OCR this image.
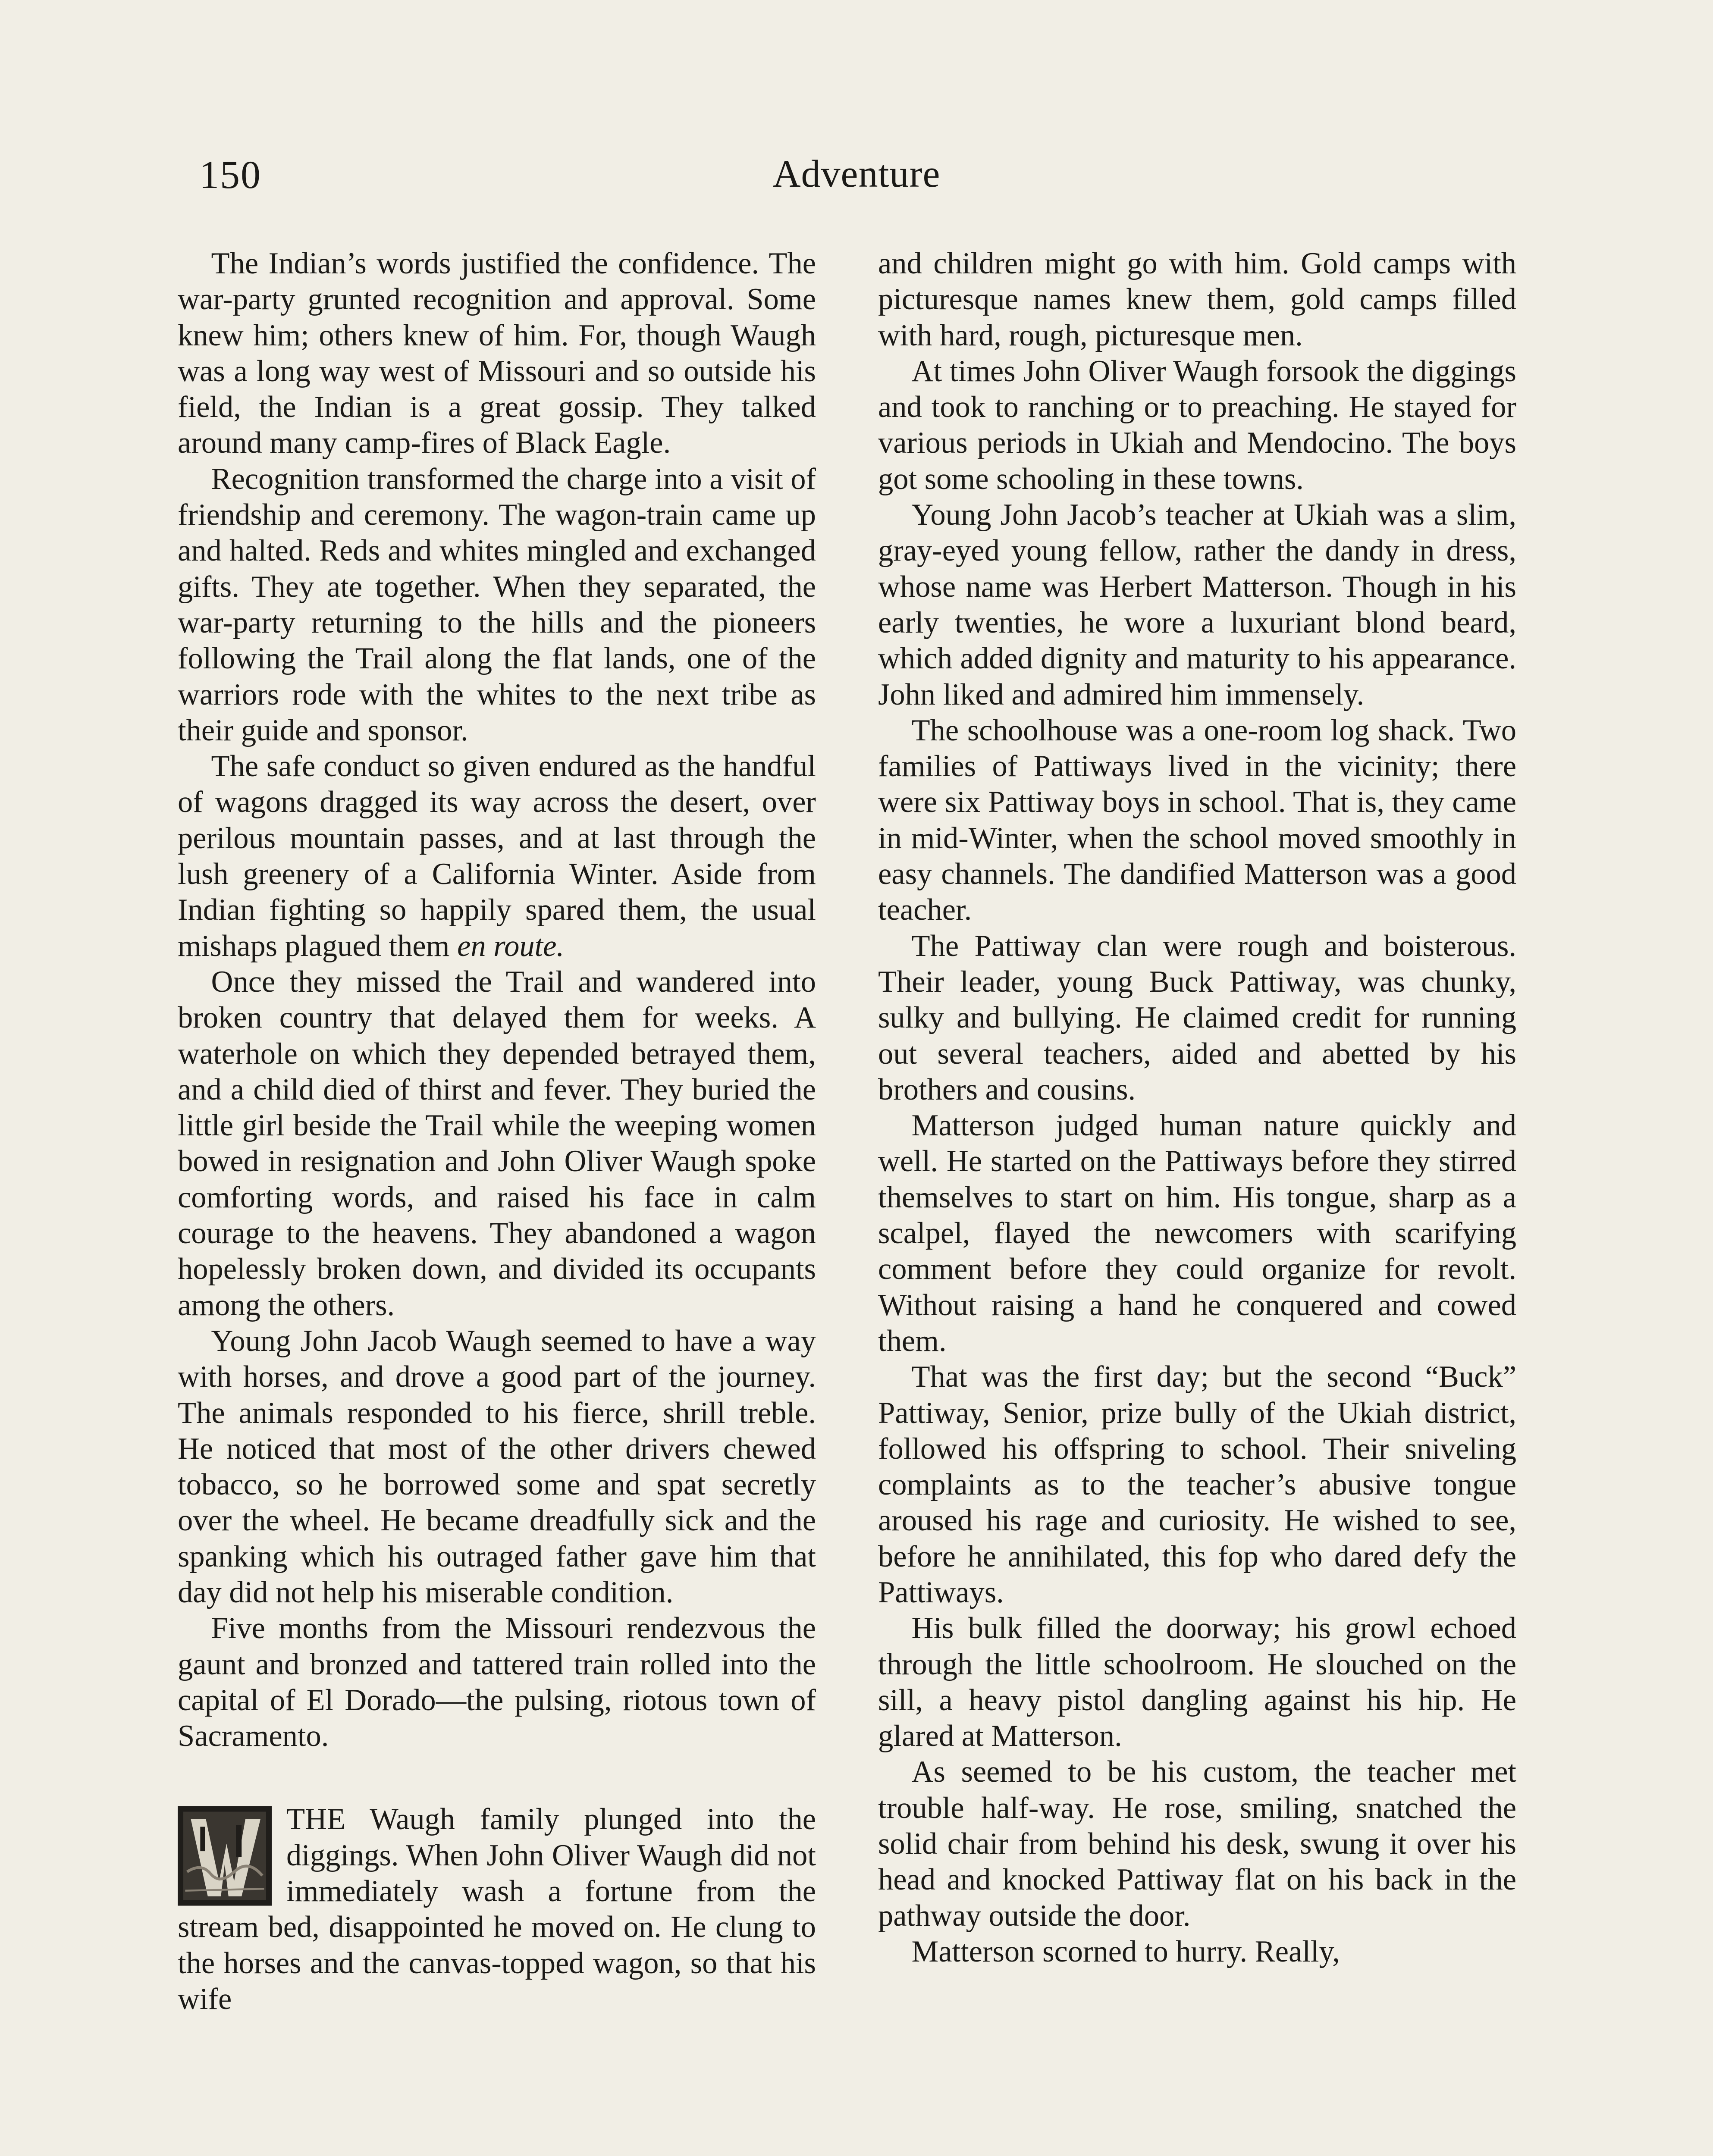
150	Adventure

The Indian’s words justified the confidence. The war-party grunted recognition and approval. Some knew him; others knew of him. For, though Waugh was a long way west of Missouri and so outside his field, the Indian is a great gossip. They talked around many camp-fires of Black Eagle.

Recognition transformed the charge into a visit of friendship and ceremony. The wagon-train came up and halted. Reds and whites mingled and exchanged gifts. They ate together. When they separated, the war-party returning to the hills and the pioneers following the Trail along the flat lands, one of the warriors rode with the whites to the next tribe as their guide and sponsor.

The safe conduct so given endured as the handful of wagons dragged its way across the desert, over perilous mountain passes, and at last through the lush greenery of a California Winter. Aside from Indian fighting so happily spared them, the usual mishaps plagued them en route.

Once they missed the Trail and wandered into broken country that delayed them for weeks. A waterhole on which they depended betrayed them, and a child died of thirst and fever. They buried the little girl beside the Trail while the weeping women bowed in resignation and John Oliver Waugh spoke comforting words, and raised his face in calm courage to the heavens. They abandoned a wagon hopelessly broken down, and divided its occupants among the others.

Young John Jacob Waugh seemed to have a way with horses, and drove a good part of the journey. The animals responded to his fierce, shrill treble. He noticed that most of the other drivers chewed tobacco, so he borrowed some and spat secretly over the wheel. He became dreadfully sick and the spanking which his outraged father gave him that day did not help his miserable condition.

Five months from the Missouri rendezvous the gaunt and bronzed and tattered train rolled into the capital of El Dorado—the pulsing, riotous town of Sacramento.

THE Waugh family plunged into the diggings. When John Oliver Waugh did not immediately wash a fortune from the stream bed, disappointed he moved on. He clung to the horses and the canvas-topped wagon, so that his wife

and children might go with him. Gold camps with picturesque names knew them, gold camps filled with hard, rough, picturesque men.

At times John Oliver Waugh forsook the diggings and took to ranching or to preaching. He stayed for various periods in Ukiah and Mendocino. The boys got some schooling in these towns.

Young John Jacob’s teacher at Ukiah was a slim, gray-eyed young fellow, rather the dandy in dress, whose name was Herbert Matterson. Though in his early twenties, he wore a luxuriant blond beard, which added dignity and maturity to his appearance. John liked and admired him immensely.

The schoolhouse was a one-room log shack. Two families of Pattiways lived in the vicinity; there were six Pattiway boys in school. That is, they came in mid-Winter, when the school moved smoothly in easy channels. The dandified Matterson was a good teacher.

The Pattiway clan were rough and boisterous. Their leader, young Buck Pattiway, was chunky, sulky and bullying. He claimed credit for running out several teachers, aided and abetted by his brothers and cousins.

Matterson judged human nature quickly and well. He started on the Pattiways before they stirred themselves to start on him. His tongue, sharp as a scalpel, flayed the newcomers with scarifying comment before they could organize for revolt. Without raising a hand he conquered and cowed them.

That was the first day; but the second “Buck” Pattiway, Senior, prize bully of the Ukiah district, followed his offspring to school. Their sniveling complaints as to the teacher’s abusive tongue aroused his rage and curiosity. He wished to see, before he annihilated, this fop who dared defy the Pattiways.

His bulk filled the doorway; his growl echoed through the little schoolroom. He slouched on the sill, a heavy pistol dangling against his hip. He glared at Matterson.

As seemed to be his custom, the teacher met trouble half-way. He rose, smiling, snatched the solid chair from behind his desk, swung it over his head and knocked Pattiway flat on his back in the pathway outside the door.

Matterson scorned to hurry. Really,
